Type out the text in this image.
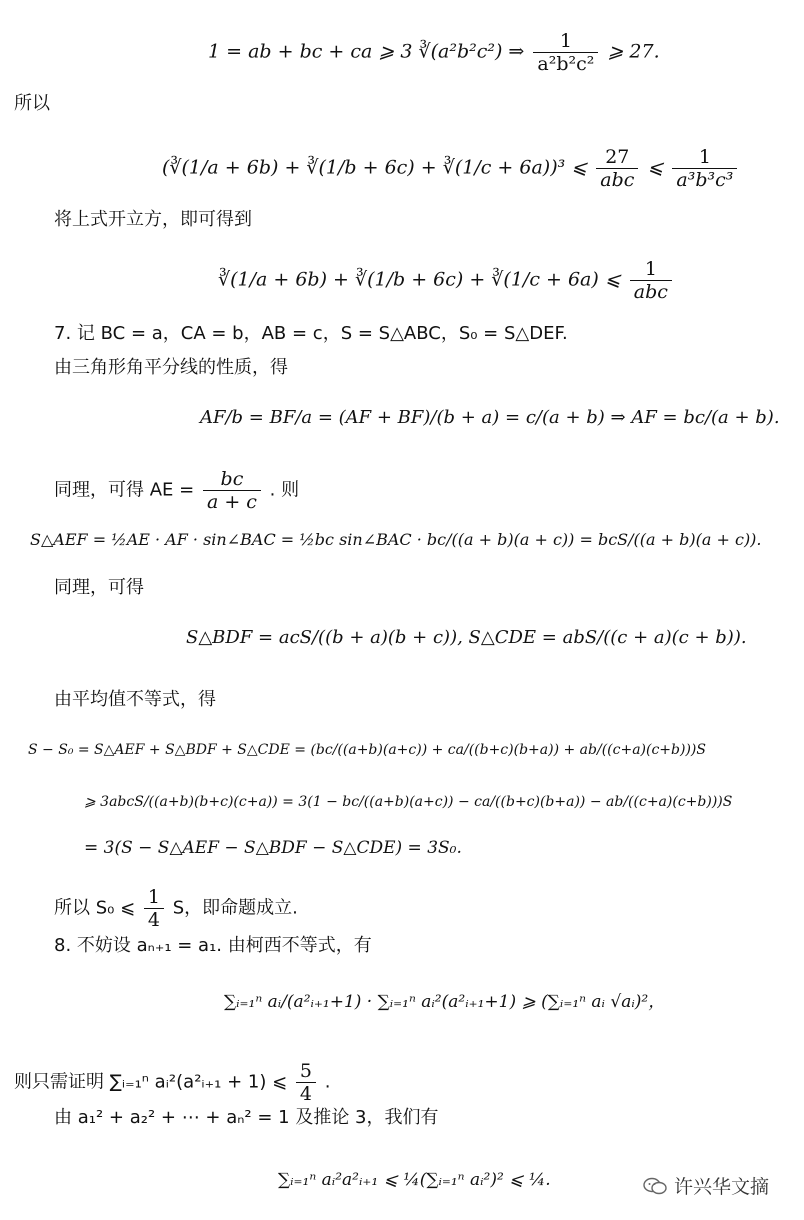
1 = ab + bc + ca ⩾ 3 ∛(a²b²c²) ⇒ $\frac{1}{\text{a²b²c²}}$ ⩾ 27.
所以
(∛(1/a + 6b) + ∛(1/b + 6c) + ∛(1/c + 6a))³ ⩽ $\frac{27}{\text{abc}}$ ⩽ $\frac{1}{\text{a³b³c³}}$
将上式开立方，即可得到
∛(1/a + 6b) + ∛(1/b + 6c) + ∛(1/c + 6a) ⩽ $\frac{1}{\text{abc}}$
7. 记 BC = a，CA = b，AB = c，S = S△ABC，S₀ = S△DEF.
由三角形角平分线的性质，得
AF/b = BF/a = (AF + BF)/(b + a) = c/(a + b) ⇒ AF = bc/(a + b).
同理，可得 AE = $\frac{bc}{a + c}$ . 则
S△AEF = ½AE · AF · sin∠BAC = ½bc sin∠BAC · bc/((a + b)(a + c)) = bcS/((a + b)(a + c)).
同理，可得
S△BDF = acS/((b + a)(b + c)), S△CDE = abS/((c + a)(c + b)).
由平均值不等式，得
S − S₀ = S△AEF + S△BDF + S△CDE = (bc/((a+b)(a+c)) + ca/((b+c)(b+a)) + ab/((c+a)(c+b)))S
⩾ 3abcS/((a+b)(b+c)(c+a)) = 3(1 − bc/((a+b)(a+c)) − ca/((b+c)(b+a)) − ab/((c+a)(c+b)))S
= 3(S − S△AEF − S△BDF − S△CDE) = 3S₀.
所以 S₀ ⩽ $\frac{1}{4}$ S，即命题成立.
8. 不妨设 aₙ₊₁ = a₁. 由柯西不等式，有
∑ᵢ₌₁ⁿ aᵢ/(a²ᵢ₊₁+1) · ∑ᵢ₌₁ⁿ aᵢ²(a²ᵢ₊₁+1) ⩾ (∑ᵢ₌₁ⁿ aᵢ √aᵢ)²，
则只需证明 ∑ᵢ₌₁ⁿ aᵢ²(a²ᵢ₊₁ + 1) ⩽ $\frac{5}{4}$ .
由 a₁² + a₂² + ⋯ + aₙ² = 1 及推论 3，我们有
∑ᵢ₌₁ⁿ aᵢ²a²ᵢ₊₁ ⩽ ¼(∑ᵢ₌₁ⁿ aᵢ²)² ⩽ ¼.	许兴华文摘
